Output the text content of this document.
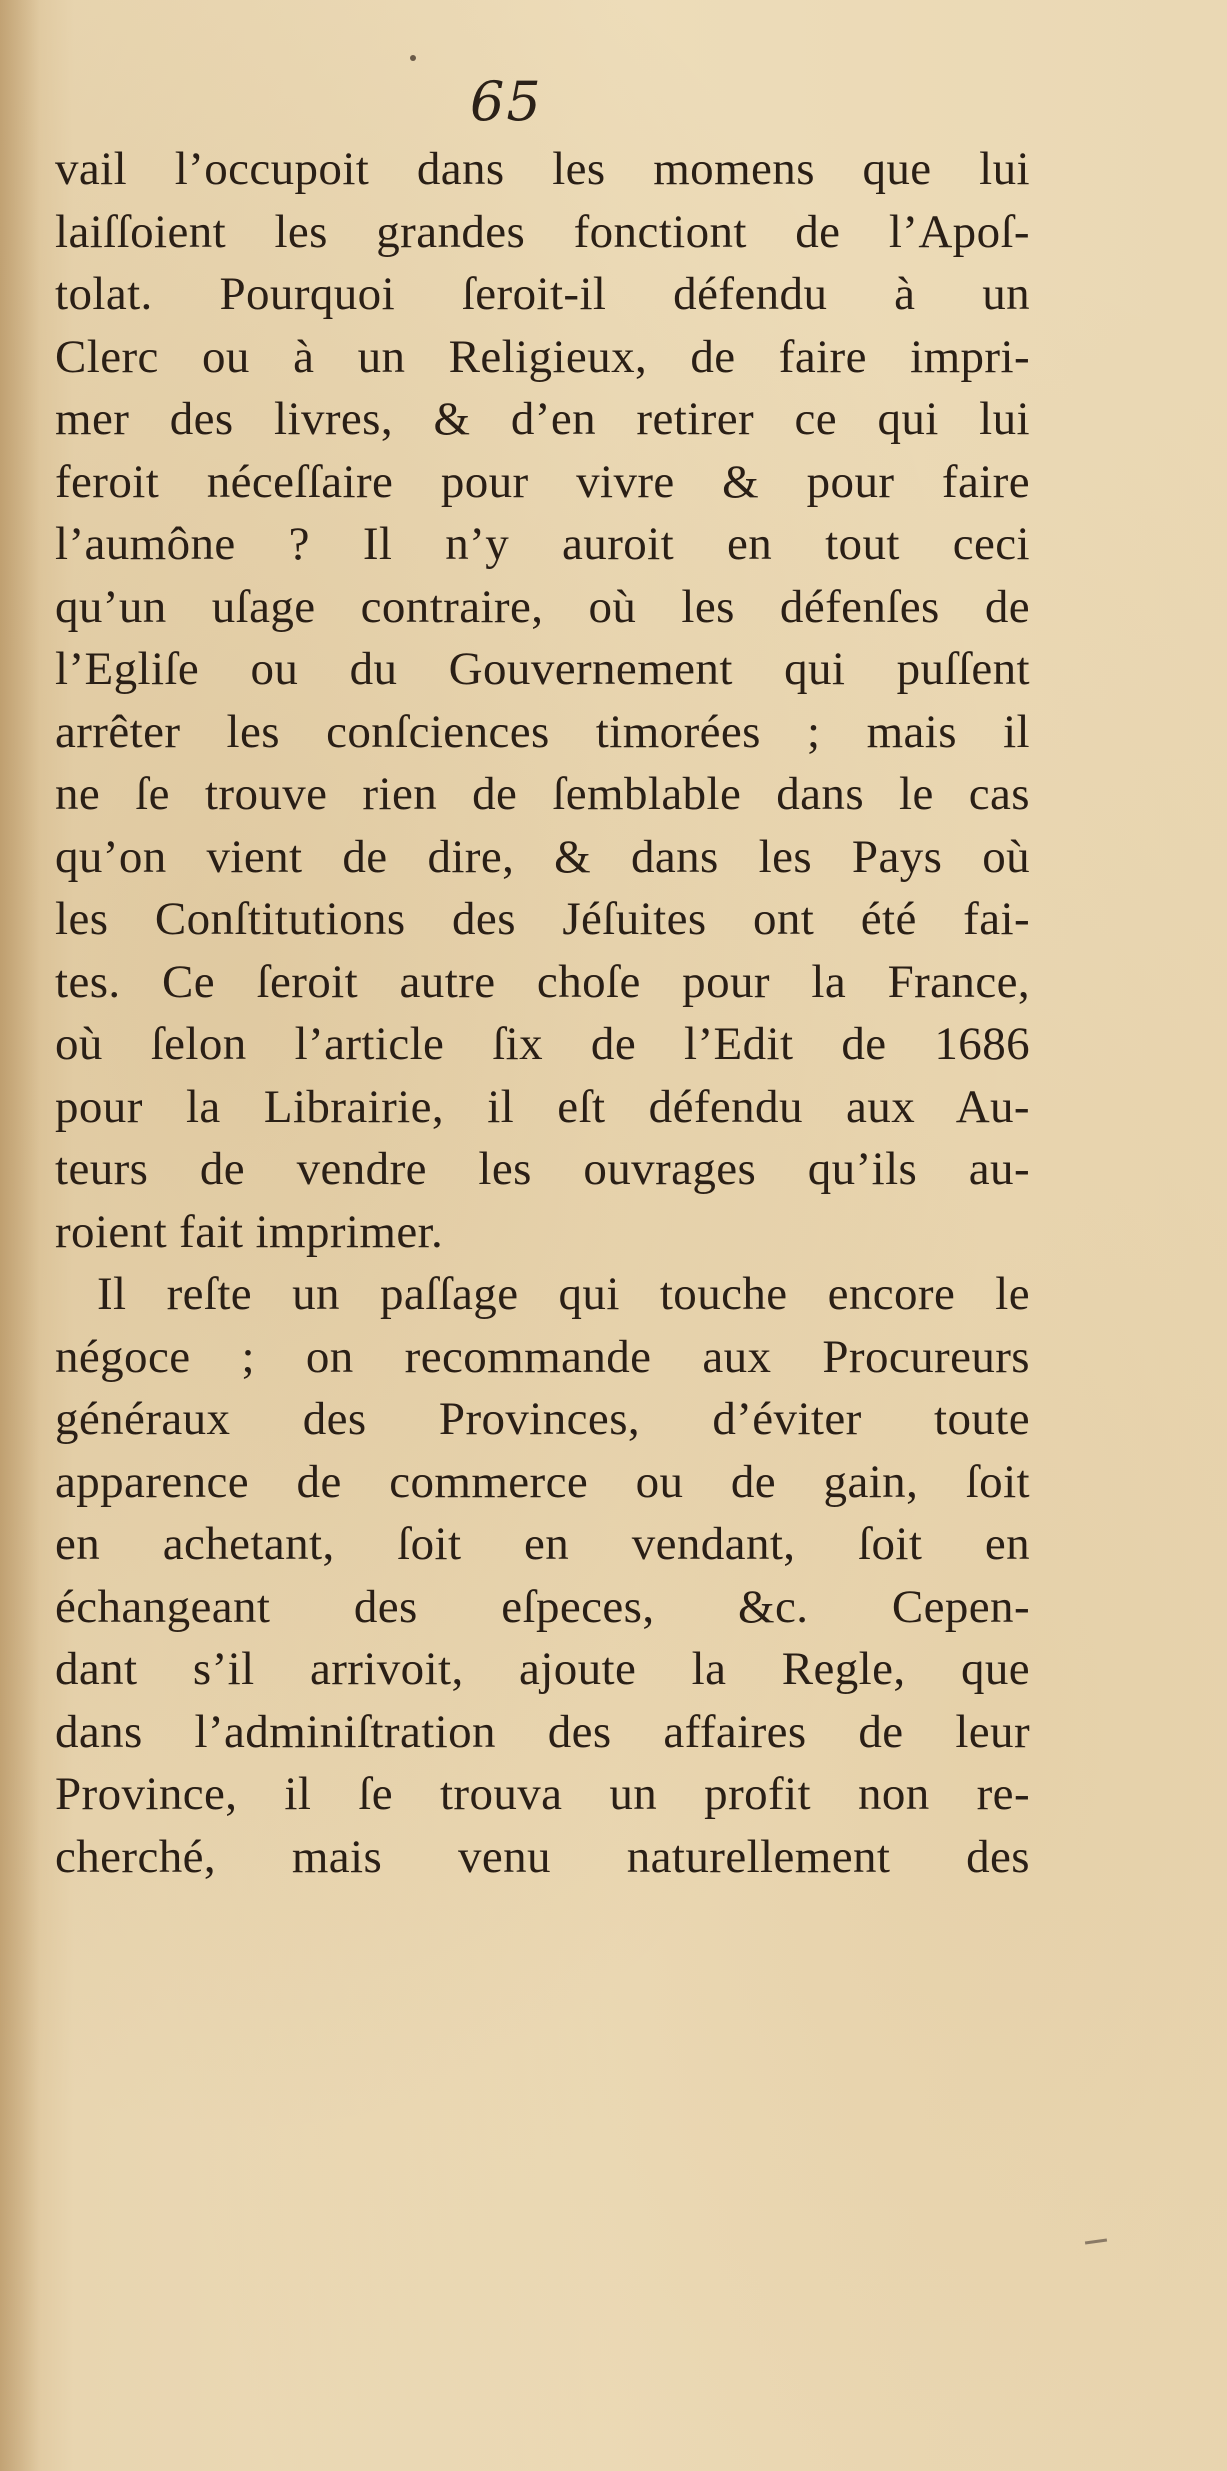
65
vail l’occupoit dans les momens que lui
laiſſoient les grandes fonctiont de l’Apoſ-
tolat. Pourquoi ſeroit-il défendu à un
Clerc ou à un Religieux, de faire impri-
mer des livres, & d’en retirer ce qui lui
feroit néceſſaire pour vivre & pour faire
l’aumône ? Il n’y auroit en tout ceci
qu’un uſage contraire, où les défenſes de
l’Egliſe ou du Gouvernement qui puſſent
arrêter les conſciences timorées ; mais il
ne ſe trouve rien de ſemblable dans le cas
qu’on vient de dire, & dans les Pays où
les Conſtitutions des Jéſuites ont été fai-
tes. Ce ſeroit autre choſe pour la France,
où ſelon l’article ſix de l’Edit de 1686
pour la Librairie, il eſt défendu aux Au-
teurs de vendre les ouvrages qu’ils au-
roient fait imprimer.
Il reſte un paſſage qui touche encore le
négoce ; on recommande aux Procureurs
généraux des Provinces, d’éviter toute
apparence de commerce ou de gain, ſoit
en achetant, ſoit en vendant, ſoit en
échangeant des eſpeces, &c. Cepen-
dant s’il arrivoit, ajoute la Regle, que
dans l’adminiſtration des affaires de leur
Province, il ſe trouva un profit non re-
cherché, mais venu naturellement des
